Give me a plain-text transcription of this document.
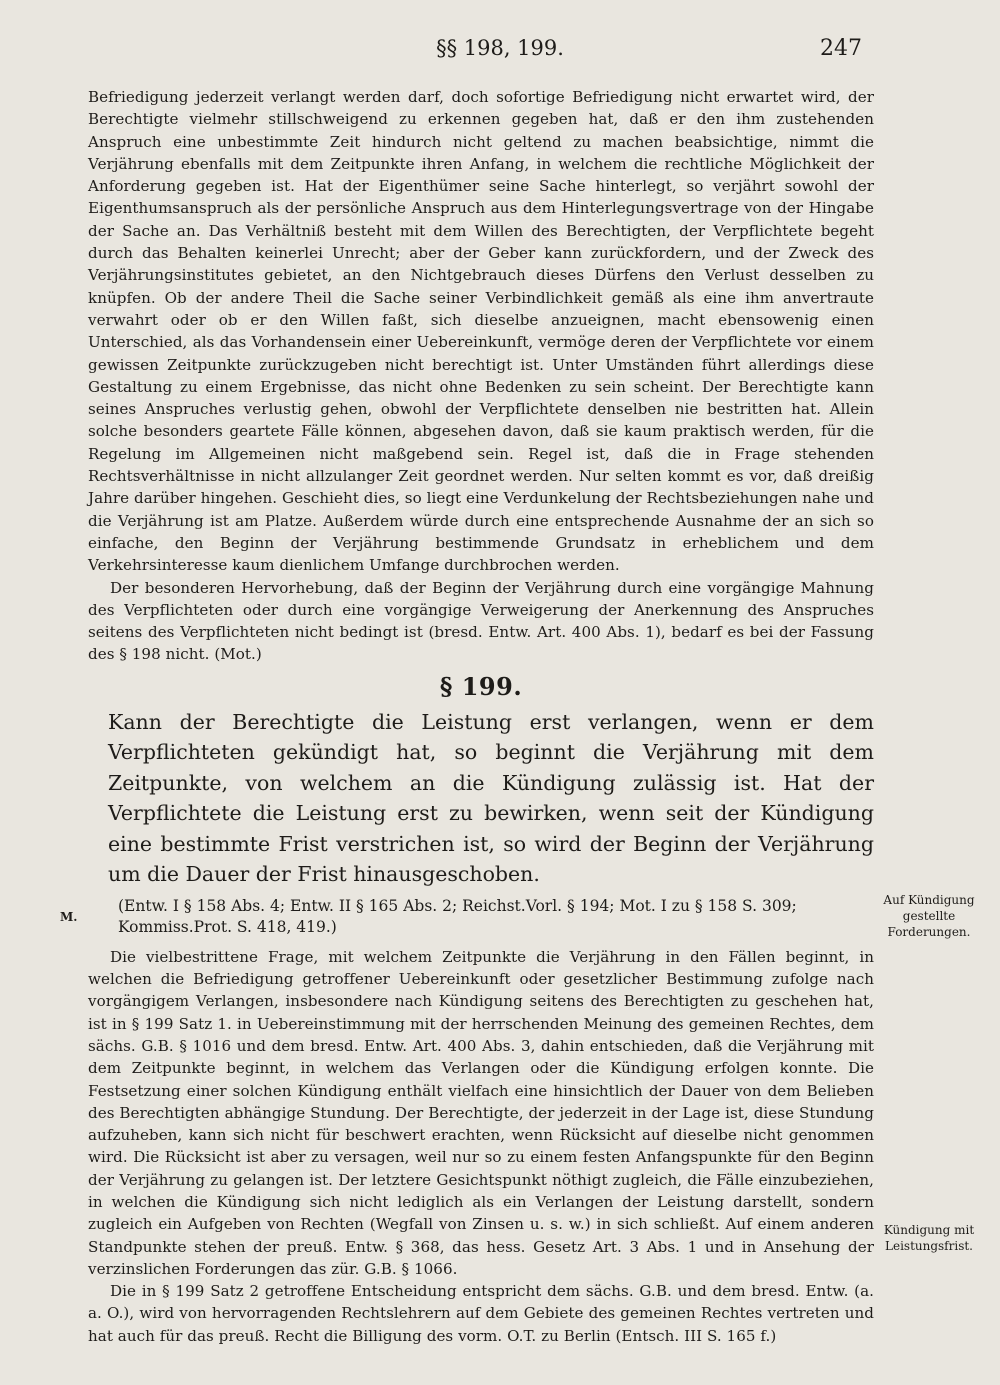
§§ 198, 199.	247
M.
Auf Kündigung gestellte Forderungen.
Kündigung mit Leistungsfrist.

Befriedigung jederzeit verlangt werden darf, doch sofortige Befriedigung nicht erwartet wird, der Berechtigte vielmehr stillschweigend zu erkennen gegeben hat, daß er den ihm zustehenden Anspruch eine unbestimmte Zeit hindurch nicht geltend zu machen beabsichtige, nimmt die Verjährung ebenfalls mit dem Zeitpunkte ihren Anfang, in welchem die rechtliche Möglichkeit der Anforderung gegeben ist. Hat der Eigenthümer seine Sache hinterlegt, so verjährt sowohl der Eigenthumsanspruch als der persönliche Anspruch aus dem Hinterlegungsvertrage von der Hingabe der Sache an. Das Verhältniß besteht mit dem Willen des Berechtigten, der Verpflichtete begeht durch das Behalten keinerlei Unrecht; aber der Geber kann zurückfordern, und der Zweck des Verjährungsinstitutes gebietet, an den Nichtgebrauch dieses Dürfens den Verlust desselben zu knüpfen. Ob der andere Theil die Sache seiner Verbindlichkeit gemäß als eine ihm anvertraute verwahrt oder ob er den Willen faßt, sich dieselbe anzueignen, macht ebensowenig einen Unterschied, als das Vorhandensein einer Uebereinkunft, vermöge deren der Verpflichtete vor einem gewissen Zeitpunkte zurückzugeben nicht berechtigt ist. Unter Umständen führt allerdings diese Gestaltung zu einem Ergebnisse, das nicht ohne Bedenken zu sein scheint. Der Berechtigte kann seines Anspruches verlustig gehen, obwohl der Verpflichtete denselben nie bestritten hat. Allein solche besonders geartete Fälle können, abgesehen davon, daß sie kaum praktisch werden, für die Regelung im Allgemeinen nicht maßgebend sein. Regel ist, daß die in Frage stehenden Rechtsverhältnisse in nicht allzulanger Zeit geordnet werden. Nur selten kommt es vor, daß dreißig Jahre darüber hingehen. Geschieht dies, so liegt eine Verdunkelung der Rechtsbeziehungen nahe und die Verjährung ist am Platze. Außerdem würde durch eine entsprechende Ausnahme der an sich so einfache, den Beginn der Verjährung bestimmende Grundsatz in erheblichem und dem Verkehrsinteresse kaum dienlichem Umfange durchbrochen werden.

Der besonderen Hervorhebung, daß der Beginn der Verjährung durch eine vorgängige Mahnung des Verpflichteten oder durch eine vorgängige Verweigerung der Anerkennung des Anspruches seitens des Verpflichteten nicht bedingt ist (bresd. Entw. Art. 400 Abs. 1), bedarf es bei der Fassung des § 198 nicht. (Mot.)

§ 199.

Kann der Berechtigte die Leistung erst verlangen, wenn er dem Verpflichteten gekündigt hat, so beginnt die Verjährung mit dem Zeitpunkte, von welchem an die Kündigung zulässig ist. Hat der Verpflichtete die Leistung erst zu bewirken, wenn seit der Kündigung eine bestimmte Frist verstrichen ist, so wird der Beginn der Verjährung um die Dauer der Frist hinausgeschoben.

(Entw. I § 158 Abs. 4; Entw. II § 165 Abs. 2; Reichst.Vorl. § 194; Mot. I zu § 158 S. 309; Kommiss.Prot. S. 418, 419.)

Die vielbestrittene Frage, mit welchem Zeitpunkte die Verjährung in den Fällen beginnt, in welchen die Befriedigung getroffener Uebereinkunft oder gesetzlicher Bestimmung zufolge nach vorgängigem Verlangen, insbesondere nach Kündigung seitens des Berechtigten zu geschehen hat, ist in § 199 Satz 1. in Uebereinstimmung mit der herrschenden Meinung des gemeinen Rechtes, dem sächs. G.B. § 1016 und dem bresd. Entw. Art. 400 Abs. 3, dahin entschieden, daß die Verjährung mit dem Zeitpunkte beginnt, in welchem das Verlangen oder die Kündigung erfolgen konnte. Die Festsetzung einer solchen Kündigung enthält vielfach eine hinsichtlich der Dauer von dem Belieben des Berechtigten abhängige Stundung. Der Berechtigte, der jederzeit in der Lage ist, diese Stundung aufzuheben, kann sich nicht für beschwert erachten, wenn Rücksicht auf dieselbe nicht genommen wird. Die Rücksicht ist aber zu versagen, weil nur so zu einem festen Anfangspunkte für den Beginn der Verjährung zu gelangen ist. Der letztere Gesichtspunkt nöthigt zugleich, die Fälle einzubeziehen, in welchen die Kündigung sich nicht lediglich als ein Verlangen der Leistung darstellt, sondern zugleich ein Aufgeben von Rechten (Wegfall von Zinsen u. s. w.) in sich schließt. Auf einem anderen Standpunkte stehen der preuß. Entw. § 368, das hess. Gesetz Art. 3 Abs. 1 und in Ansehung der verzinslichen Forderungen das zür. G.B. § 1066.

Die in § 199 Satz 2 getroffene Entscheidung entspricht dem sächs. G.B. und dem bresd. Entw. (a. a. O.), wird von hervorragenden Rechtslehrern auf dem Gebiete des gemeinen Rechtes vertreten und hat auch für das preuß. Recht die Billigung des vorm. O.T. zu Berlin (Entsch. III S. 165 f.)
